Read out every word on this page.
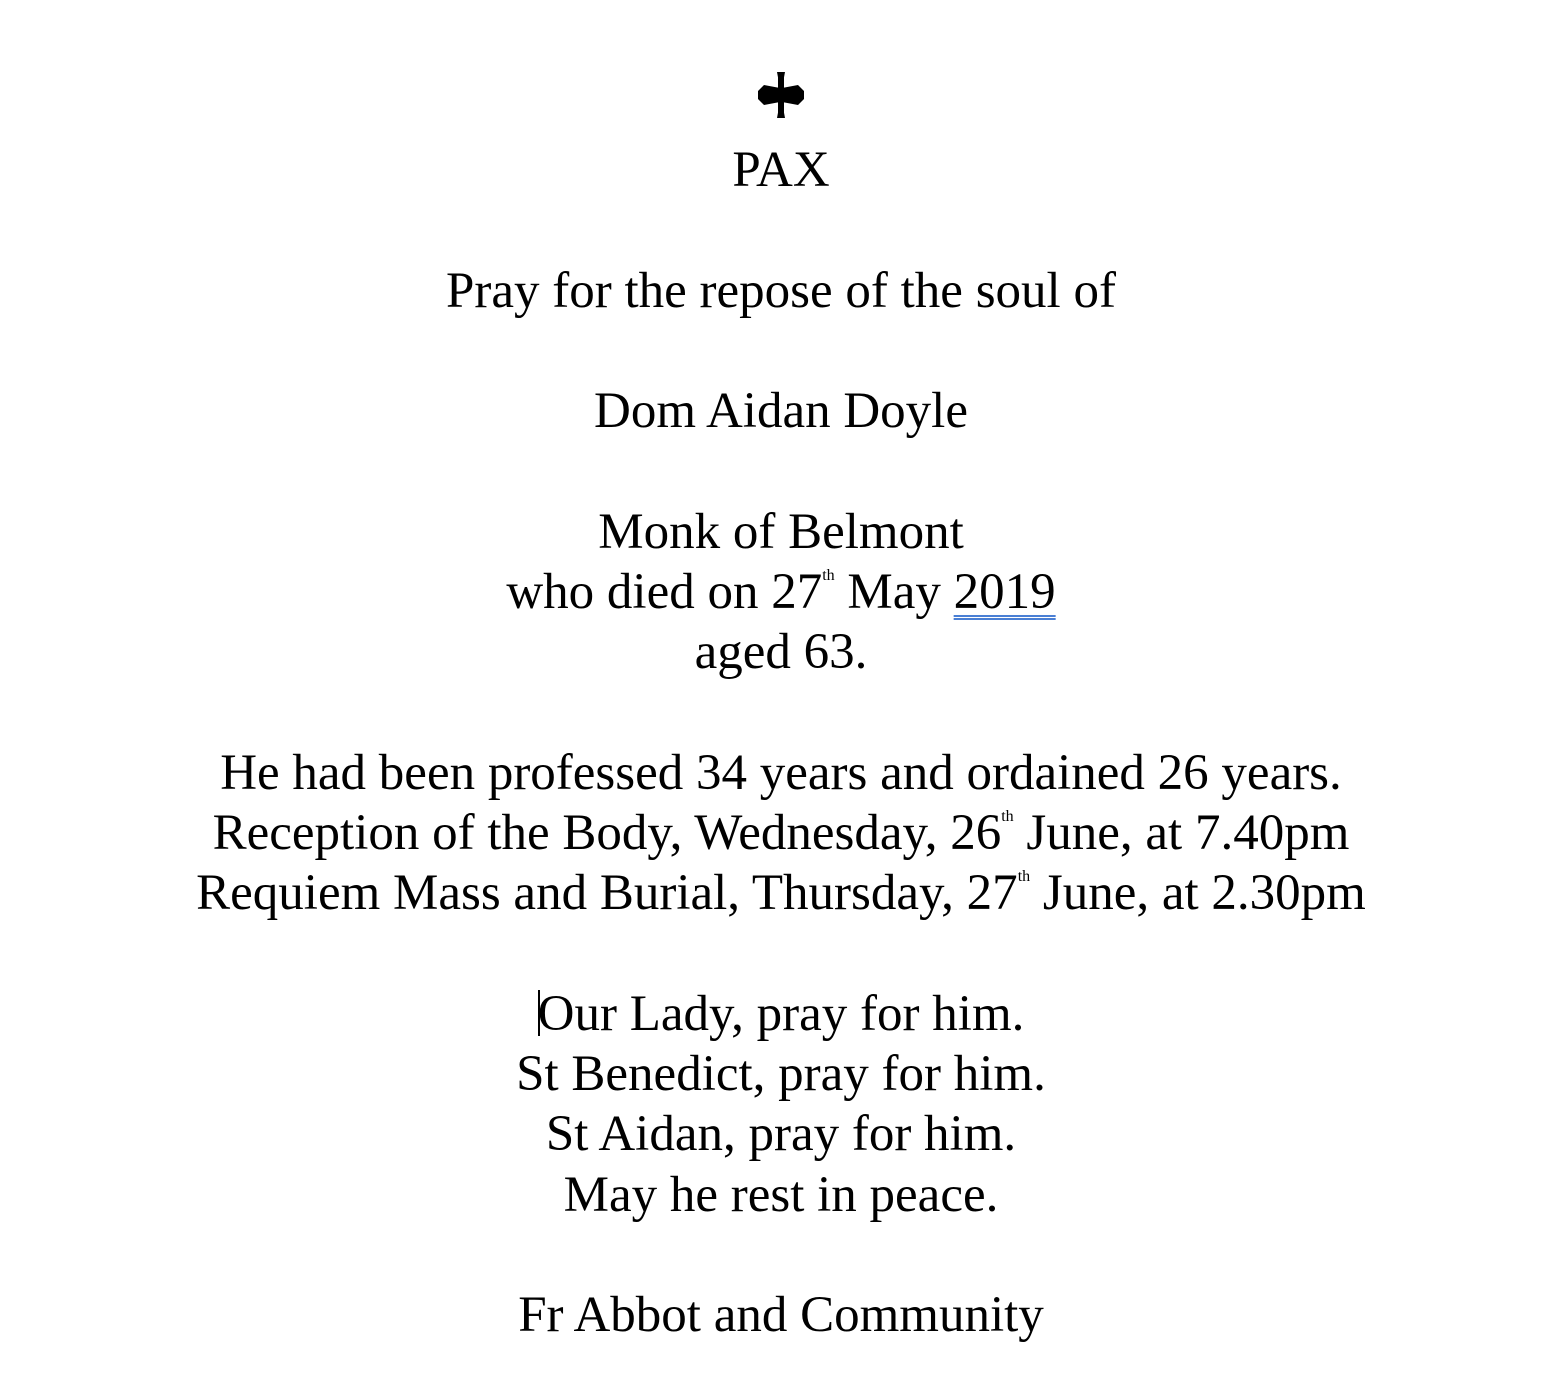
PAX
Pray for the repose of the soul of
Dom Aidan Doyle
Monk of Belmont
who died on 27th May 2019
aged 63.
He had been professed 34 years and ordained 26 years.
Reception of the Body, Wednesday, 26th June, at 7.40pm
Requiem Mass and Burial, Thursday, 27th June, at 2.30pm
Our Lady, pray for him.
St Benedict, pray for him.
St Aidan, pray for him.
May he rest in peace.
Fr Abbot and Community
